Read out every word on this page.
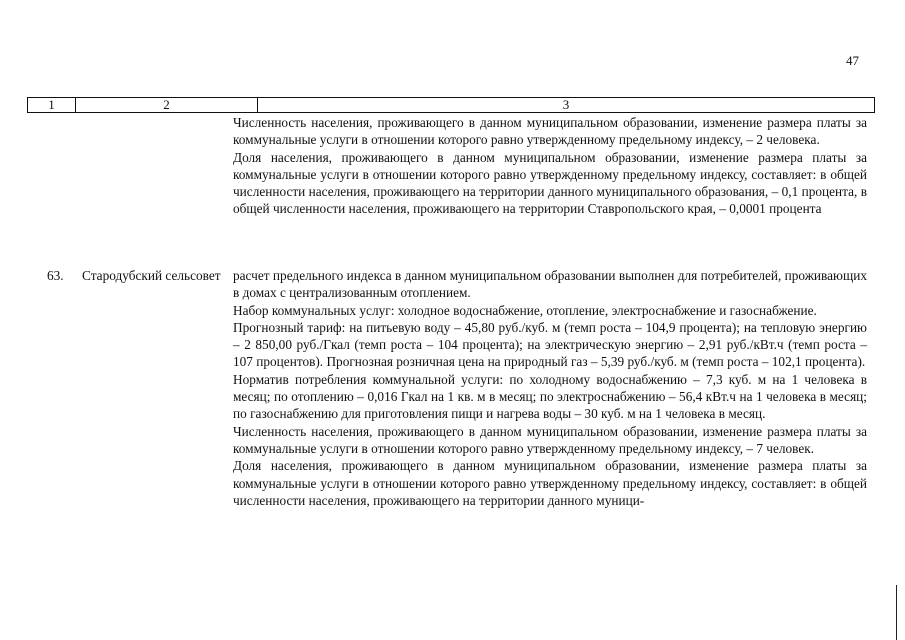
47
1	2	3

Численность населения, проживающего в данном муниципальном образовании, изменение размера платы за коммунальные услуги в отношении которого равно утвержденному предельному индексу, – 2 человека.

Доля населения, проживающего в данном муниципальном образовании, изменение размера платы за коммунальные услуги в отношении которого равно утвержденному предельному индексу, составляет: в общей численности населения, проживающего на территории данного муниципального образования, – 0,1 процента, в общей численности населения, проживающего на территории Ставропольского края, – 0,0001 процента

63. Стародубский сельсовет расчет предельного индекса в данном муниципальном образовании выполнен для потребителей, проживающих в домах с централизованным отоплением.

Набор коммунальных услуг: холодное водоснабжение, отопление, электроснабжение и газоснабжение.

Прогнозный тариф: на питьевую воду – 45,80 руб./куб. м (темп роста – 104,9 процента); на тепловую энергию – 2 850,00 руб./Гкал (темп роста – 104 процента); на электрическую энергию – 2,91 руб./кВт.ч (темп роста – 107 процентов). Прогнозная розничная цена на природный газ – 5,39 руб./куб. м (темп роста – 102,1 процента).

Норматив потребления коммунальной услуги: по холодному водоснабжению – 7,3 куб. м на 1 человека в месяц; по отоплению – 0,016 Гкал на 1 кв. м в месяц; по электроснабжению – 56,4 кВт.ч на 1 человека в месяц; по газоснабжению для приготовления пищи и нагрева воды – 30 куб. м на 1 человека в месяц.

Численность населения, проживающего в данном муниципальном образовании, изменение размера платы за коммунальные услуги в отношении которого равно утвержденному предельному индексу, – 7 человек.

Доля населения, проживающего в данном муниципальном образовании, изменение размера платы за коммунальные услуги в отношении которого равно утвержденному предельному индексу, составляет: в общей численности населения, проживающего на территории данного муници-
